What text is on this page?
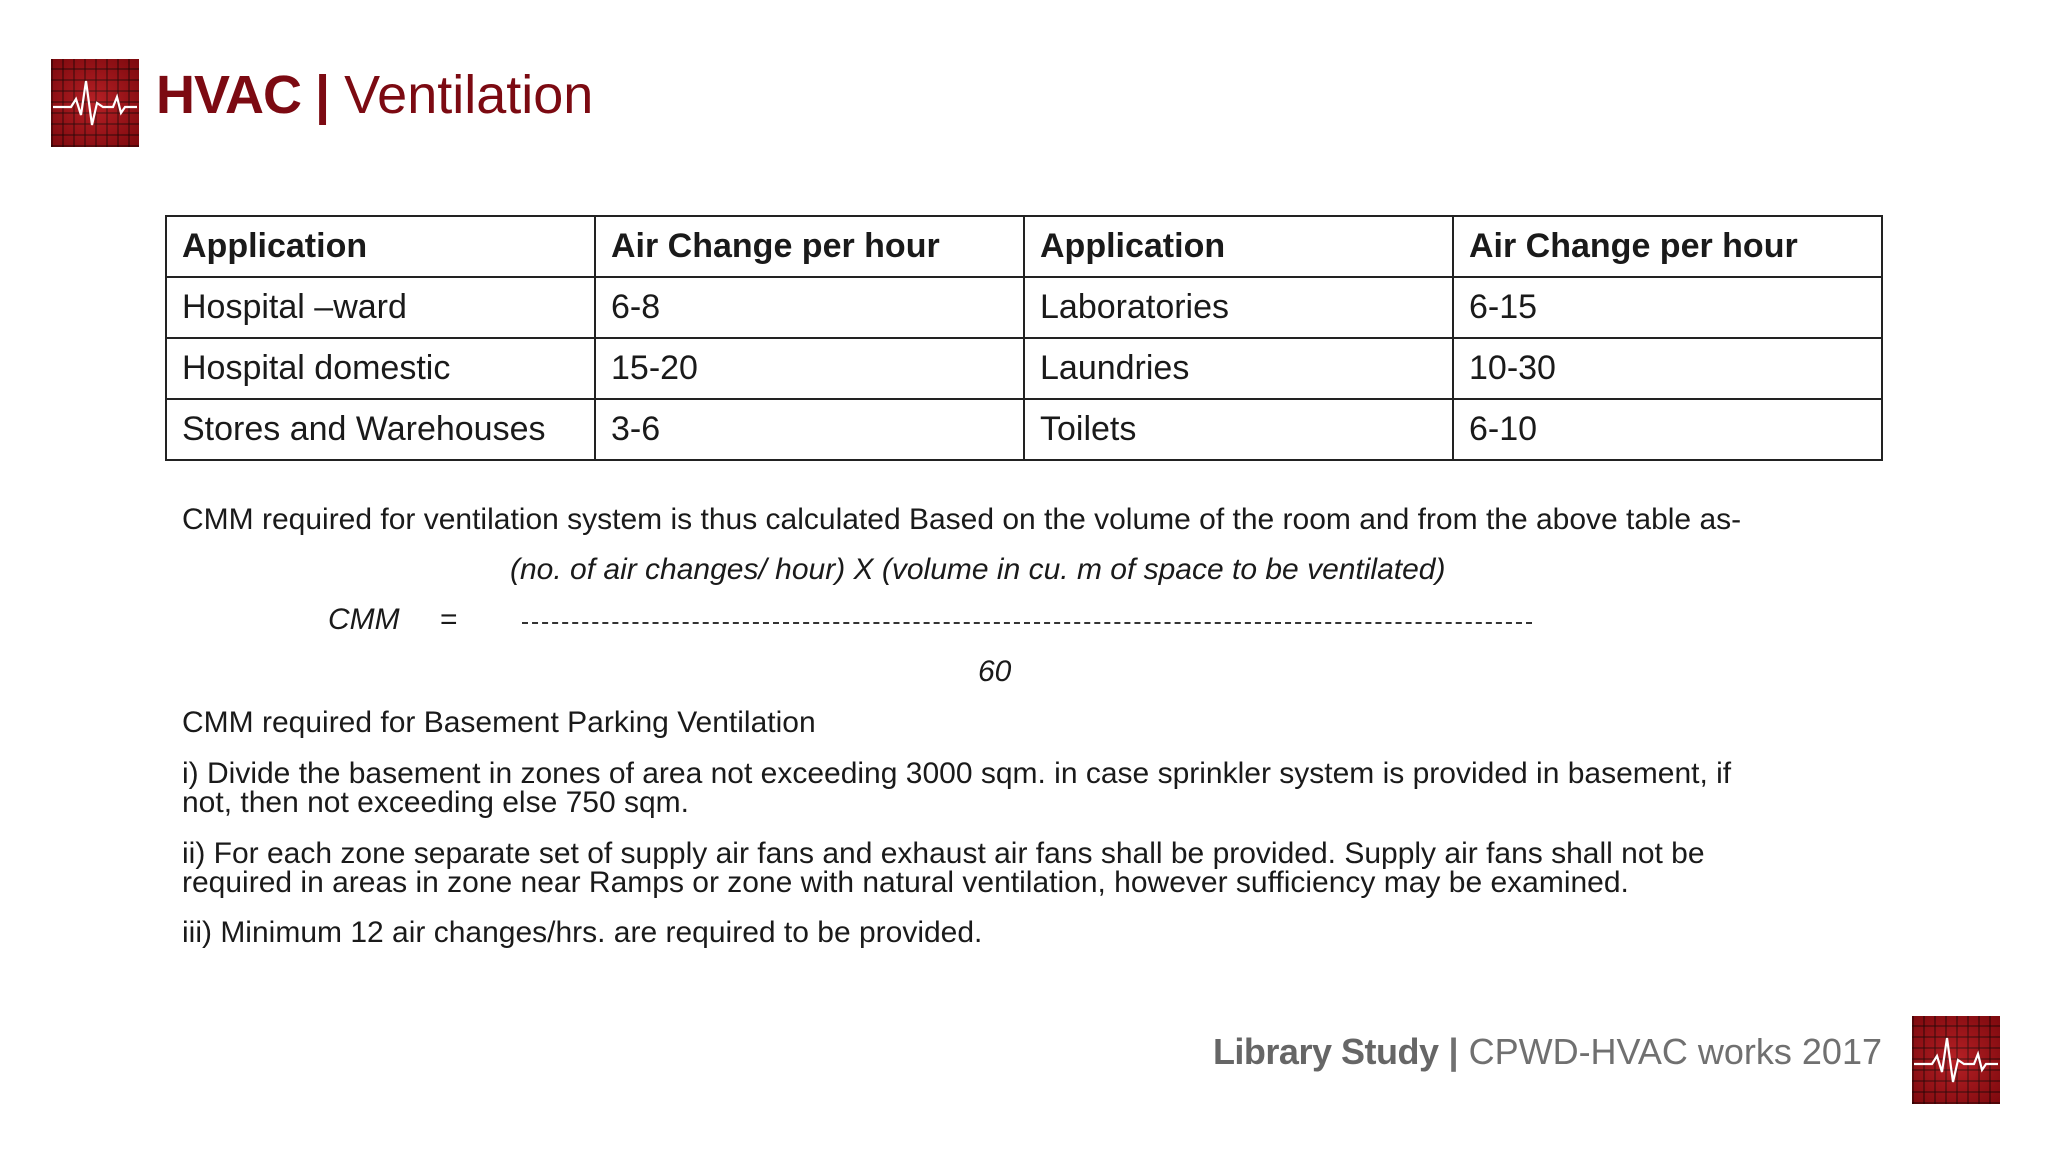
HVAC | Ventilation
Application	Air Change per hour	Application	Air Change per hour
Hospital –ward	6-8	Laboratories	6-15
Hospital domestic	15-20	Laundries	10-30
Stores and Warehouses	3-6	Toilets	6-10
CMM required for ventilation system is thus calculated Based on the volume of the room and from the above table as-
(no. of air changes/ hour) X (volume in cu. m of space to be ventilated)
CMM =
60
CMM required for Basement Parking Ventilation
i) Divide the basement in zones of area not exceeding 3000 sqm. in case sprinkler system is provided in basement, if
not, then not exceeding else 750 sqm.
ii) For each zone separate set of supply air fans and exhaust air fans shall be provided. Supply air fans shall not be
required in areas in zone near Ramps or zone with natural ventilation, however sufficiency may be examined.
iii) Minimum 12 air changes/hrs. are required to be provided.
Library Study | CPWD-HVAC works 2017
